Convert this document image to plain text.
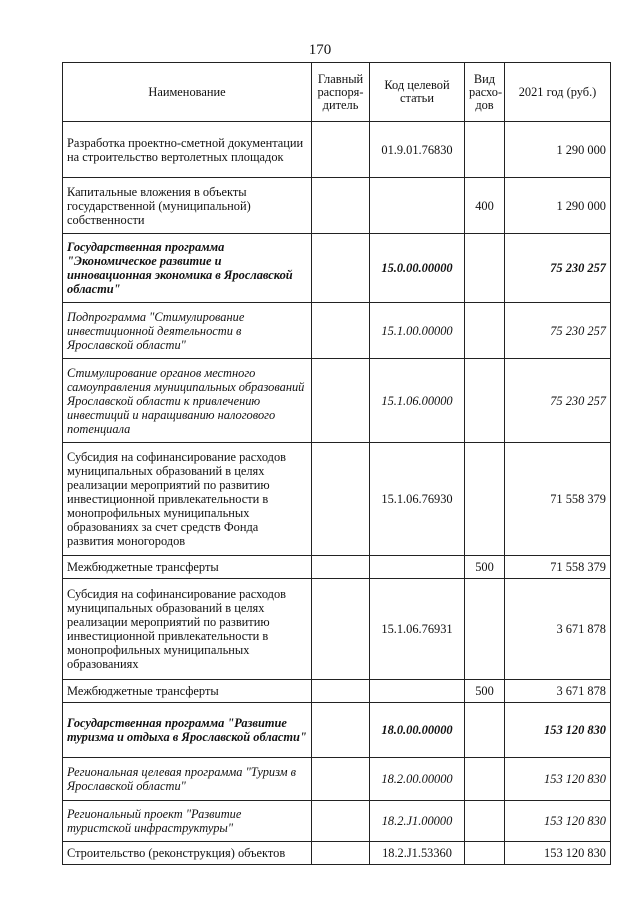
170
Наименование	Главный распоря-дитель	Код целевой статьи	Вид расхо-дов	2021 год (руб.)
Разработка проектно-сметной документации на строительство вертолетных площадок		01.9.01.76830		1 290 000
Капитальные вложения в объекты государственной (муниципальной) собственности			400	1 290 000
Государственная программа "Экономическое развитие и инновационная экономика в Ярославской области"		15.0.00.00000		75 230 257
Подпрограмма "Стимулирование инвестиционной деятельности в Ярославской области"		15.1.00.00000		75 230 257
Стимулирование органов местного самоуправления муниципальных образований Ярославской области к привлечению инвестиций и наращиванию налогового потенциала		15.1.06.00000		75 230 257
Субсидия на софинансирование расходов муниципальных образований в целях реализации мероприятий по развитию инвестиционной привлекательности в монопрофильных муниципальных образованиях за счет средств Фонда развития моногородов		15.1.06.76930		71 558 379
Межбюджетные трансферты			500	71 558 379
Субсидия на софинансирование расходов муниципальных образований в целях реализации мероприятий по развитию инвестиционной привлекательности в монопрофильных муниципальных образованиях		15.1.06.76931		3 671 878
Межбюджетные трансферты			500	3 671 878
Государственная программа "Развитие туризма и отдыха в Ярославской области"		18.0.00.00000		153 120 830
Региональная целевая программа "Туризм в Ярославской области"		18.2.00.00000		153 120 830
Региональный проект "Развитие туристской инфраструктуры"		18.2.J1.00000		153 120 830
Строительство (реконструкция) объектов		18.2.J1.53360		153 120 830
